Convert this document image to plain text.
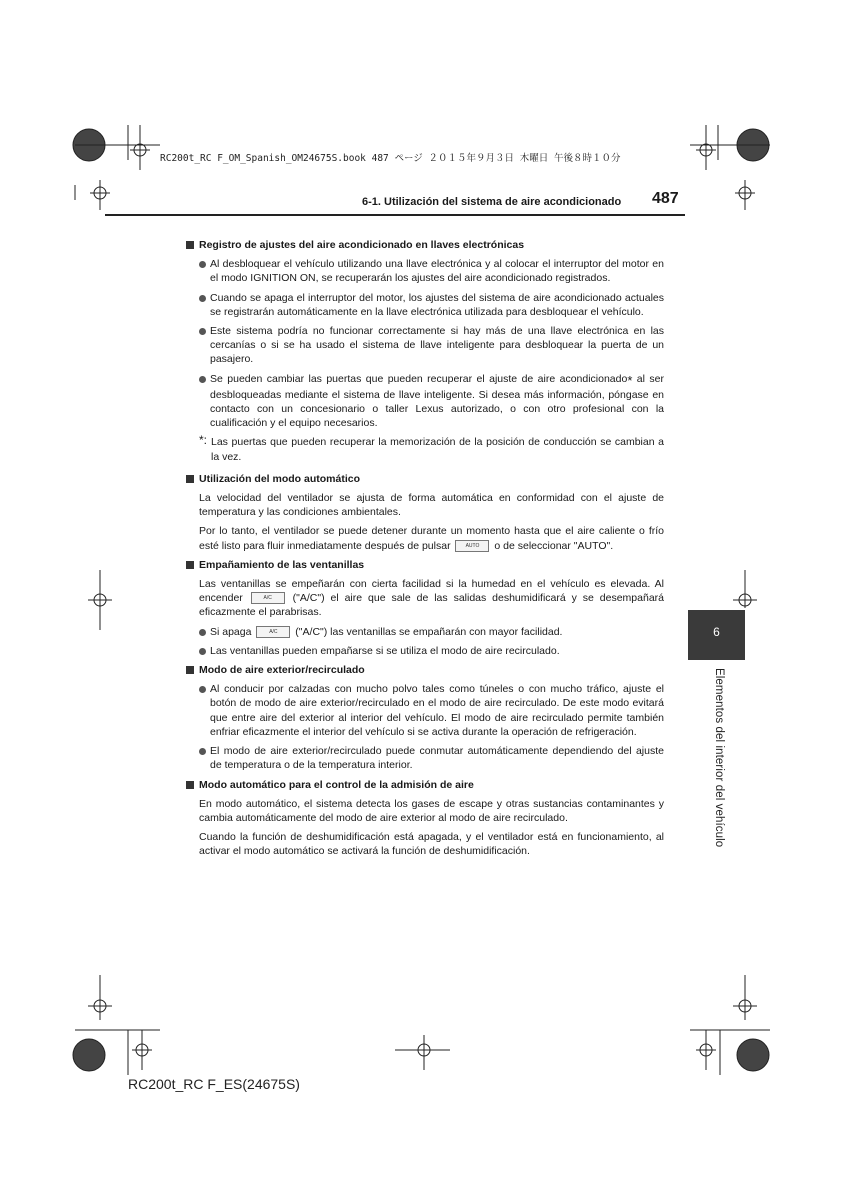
RC200t_RC F_OM_Spanish_OM24675S.book 487 ページ ２０１５年９月３日 木曜日 午後８時１０分
6-1. Utilización del sistema de aire acondicionado 487
6
Elementos del interior del vehículo
Registro de ajustes del aire acondicionado en llaves electrónicas
Al desbloquear el vehículo utilizando una llave electrónica y al colocar el interruptor del motor en el modo IGNITION ON, se recuperarán los ajustes del aire acondicionado registrados.
Cuando se apaga el interruptor del motor, los ajustes del sistema de aire acondicionado actuales se registrarán automáticamente en la llave electrónica utilizada para desbloquear el vehículo.
Este sistema podría no funcionar correctamente si hay más de una llave electrónica en las cercanías o si se ha usado el sistema de llave inteligente para desbloquear la puerta de un pasajero.
Se pueden cambiar las puertas que pueden recuperar el ajuste de aire acondicionado* al ser desbloqueadas mediante el sistema de llave inteligente. Si desea más información, póngase en contacto con un concesionario o taller Lexus autorizado, o con otro profesional con la cualificación y el equipo necesarios.
*: Las puertas que pueden recuperar la memorización de la posición de conducción se cambian a la vez.
Utilización del modo automático
La velocidad del ventilador se ajusta de forma automática en conformidad con el ajuste de temperatura y las condiciones ambientales.
Por lo tanto, el ventilador se puede detener durante un momento hasta que el aire caliente o frío esté listo para fluir inmediatamente después de pulsar	AUTO o de seleccionar "AUTO".
Empañamiento de las ventanillas
Las ventanillas se empeñarán con cierta facilidad si la humedad en el vehículo es elevada. Al encender	A/C ("A/C") el aire que sale de las salidas deshumidificará y se desempañará eficazmente el parabrisas.
Si apaga	A/C ("A/C") las ventanillas se empañarán con mayor facilidad.
Las ventanillas pueden empañarse si se utiliza el modo de aire recirculado.
Modo de aire exterior/recirculado
Al conducir por calzadas con mucho polvo tales como túneles o con mucho tráfico, ajuste el botón de modo de aire exterior/recirculado en el modo de aire recirculado. De este modo evitará que entre aire del exterior al interior del vehículo. El modo de aire recirculado permite también enfriar eficazmente el interior del vehículo si se activa durante la operación de refrigeración.
El modo de aire exterior/recirculado puede conmutar automáticamente dependiendo del ajuste de temperatura o de la temperatura interior.
Modo automático para el control de la admisión de aire
En modo automático, el sistema detecta los gases de escape y otras sustancias contaminantes y cambia automáticamente del modo de aire exterior al modo de aire recirculado.
Cuando la función de deshumidificación está apagada, y el ventilador está en funcionamiento, al activar el modo automático se activará la función de deshumidificación.
RC200t_RC F_ES(24675S)
